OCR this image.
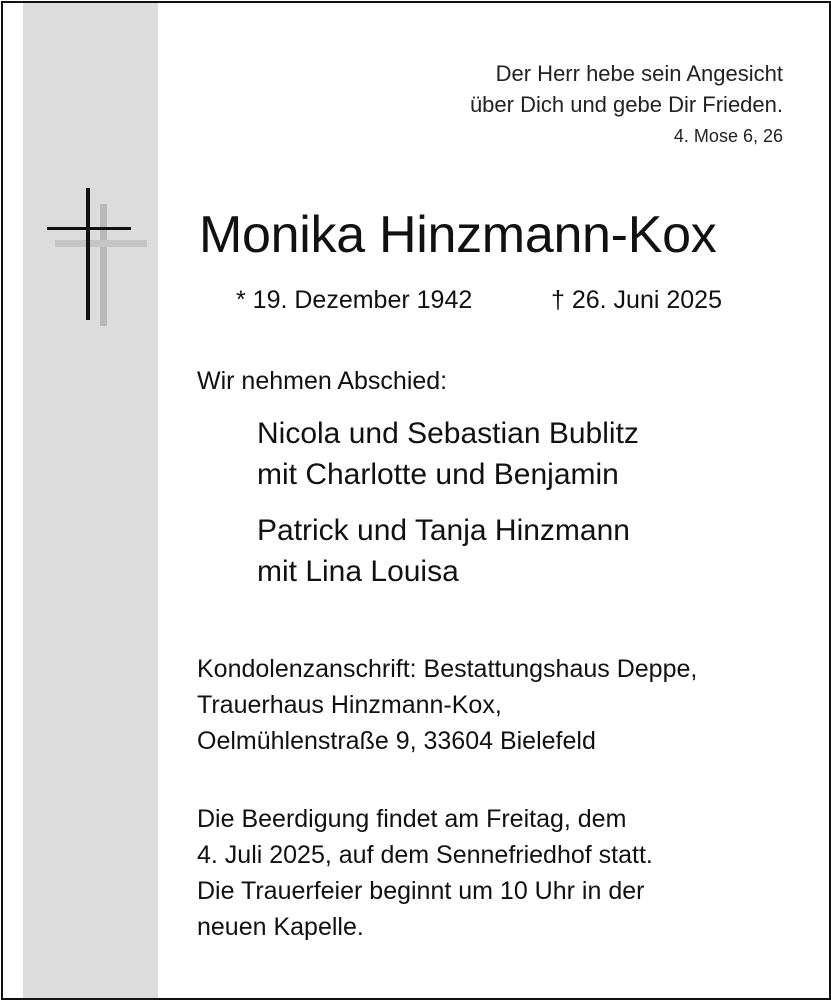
Der Herr hebe sein Angesicht
über Dich und gebe Dir Frieden.
4. Mose 6, 26
Monika Hinzmann-Kox
* 19. Dezember 1942	† 26. Juni 2025
Wir nehmen Abschied:
Nicola und Sebastian Bublitz
mit Charlotte und Benjamin
Patrick und Tanja Hinzmann
mit Lina Louisa
Kondolenzanschrift: Bestattungshaus Deppe,
Trauerhaus Hinzmann-Kox,
Oelmühlenstraße 9, 33604 Bielefeld
Die Beerdigung findet am Freitag, dem
4. Juli 2025, auf dem Sennefriedhof statt.
Die Trauerfeier beginnt um 10 Uhr in der
neuen Kapelle.
